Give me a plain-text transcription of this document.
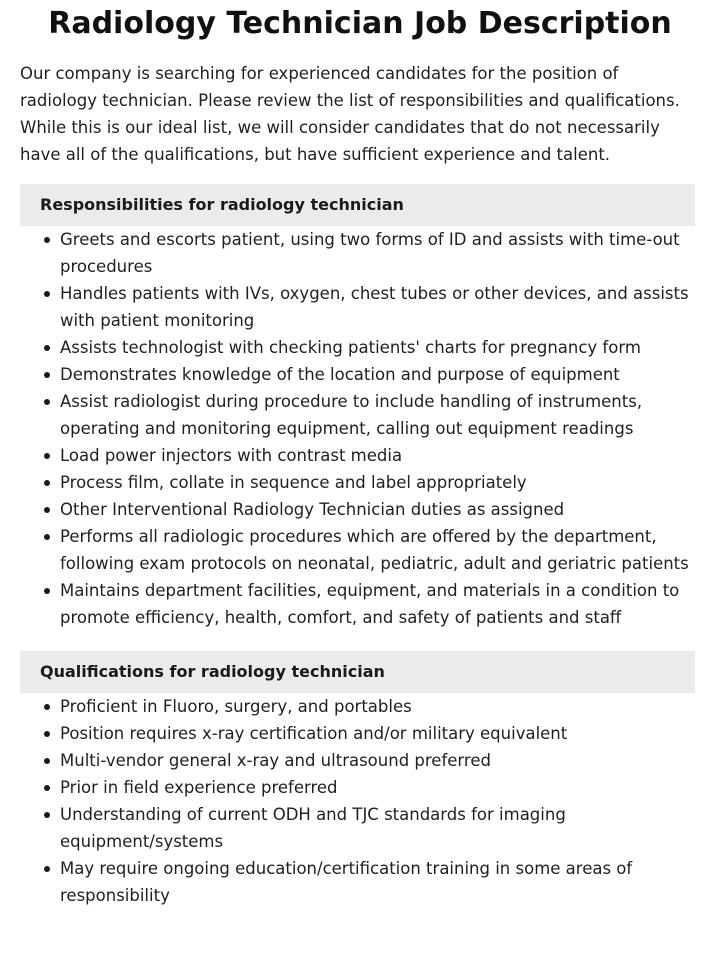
Radiology Technician Job Description

Our company is searching for experienced candidates for the position of radiology technician. Please review the list of responsibilities and qualifications. While this is our ideal list, we will consider candidates that do not necessarily have all of the qualifications, but have sufficient experience and talent.

Responsibilities for radiology technician
Greets and escorts patient, using two forms of ID and assists with time-out procedures
Handles patients with IVs, oxygen, chest tubes or other devices, and assists with patient monitoring
Assists technologist with checking patients' charts for pregnancy form
Demonstrates knowledge of the location and purpose of equipment
Assist radiologist during procedure to include handling of instruments, operating and monitoring equipment, calling out equipment readings
Load power injectors with contrast media
Process film, collate in sequence and label appropriately
Other Interventional Radiology Technician duties as assigned
Performs all radiologic procedures which are offered by the department, following exam protocols on neonatal, pediatric, adult and geriatric patients
Maintains department facilities, equipment, and materials in a condition to promote efficiency, health, comfort, and safety of patients and staff
Qualifications for radiology technician
Proficient in Fluoro, surgery, and portables
Position requires x-ray certification and/or military equivalent
Multi-vendor general x-ray and ultrasound preferred
Prior in field experience preferred
Understanding of current ODH and TJC standards for imaging equipment/systems
May require ongoing education/certification training in some areas of responsibility
